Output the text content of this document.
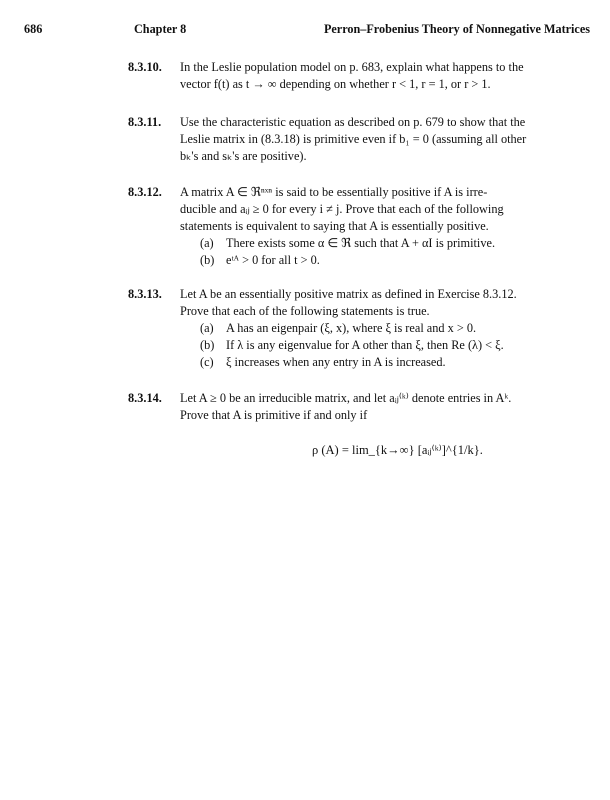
686	Chapter 8	Perron–Frobenius Theory of Nonnegative Matrices
8.3.10.	In the Leslie population model on p. 683, explain what happens to the
vector f(t) as t → ∞ depending on whether r < 1, r = 1, or r > 1.
8.3.11.	Use the characteristic equation as described on p. 679 to show that the
Leslie matrix in (8.3.18) is primitive even if b₁ = 0 (assuming all other
bₖ's and sₖ's are positive).
8.3.12.	A matrix A ∈ ℜⁿˣⁿ is said to be essentially positive if A is irre-
ducible and aᵢⱼ ≥ 0 for every i ≠ j. Prove that each of the following
statements is equivalent to saying that A is essentially positive.
(a) There exists some α ∈ ℜ such that A + αI is primitive.
(b) eᵗᴬ > 0 for all t > 0.
8.3.13.	Let A be an essentially positive matrix as defined in Exercise 8.3.12.
Prove that each of the following statements is true.
(a) A has an eigenpair (ξ, x), where ξ is real and x > 0.
(b) If λ is any eigenvalue for A other than ξ, then Re (λ) < ξ.
(c) ξ increases when any entry in A is increased.
8.3.14.	Let A ≥ 0 be an irreducible matrix, and let aᵢⱼ⁽ᵏ⁾ denote entries in Aᵏ.
Prove that A is primitive if and only if
ρ (A) = lim_{k→∞} [aᵢⱼ⁽ᵏ⁾]^{1/k}.
